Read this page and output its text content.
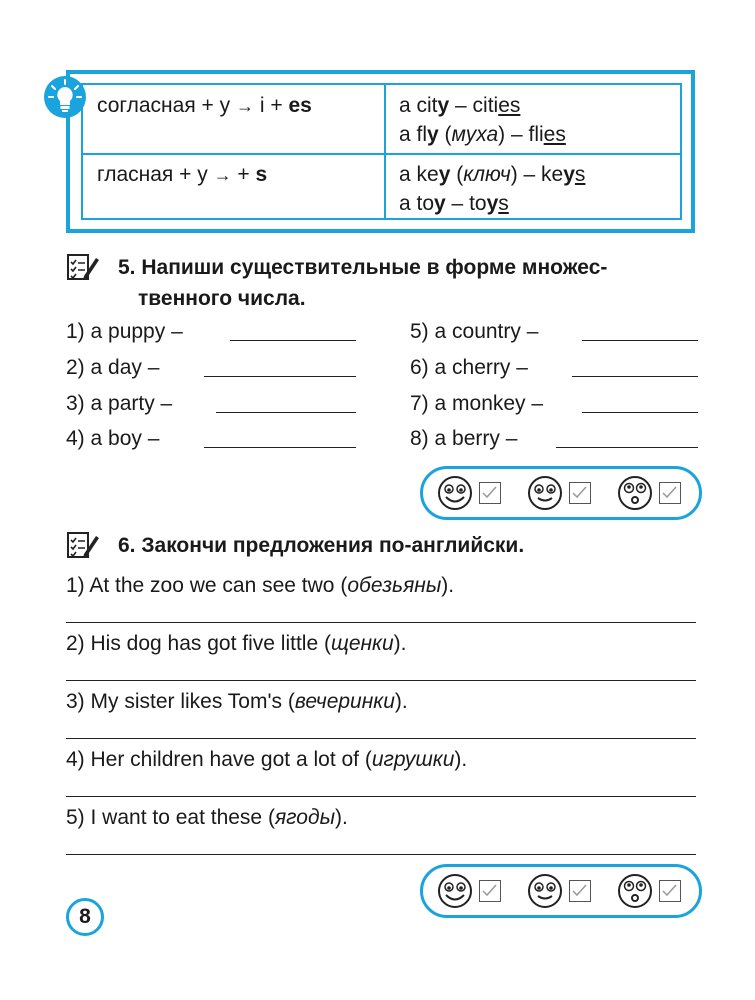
согласная + y → i + es	a city – cities
a fly (муха) – flies
гласная + y → + s	a key (ключ) – keys
a toy – toys
5. Напиши существительные в форме множес-
твенного числа.
1) a puppy –
2) a day –
3) a party –
4) a boy –
5) a country –
6) a cherry –
7) a monkey –
8) a berry –
6. Закончи предложения по-английски.
1) At the zoo we can see two (обезьяны).
2) His dog has got five little (щенки).
3) My sister likes Tom's (вечеринки).
4) Her children have got a lot of (игрушки).
5) I want to eat these (ягоды).
8
